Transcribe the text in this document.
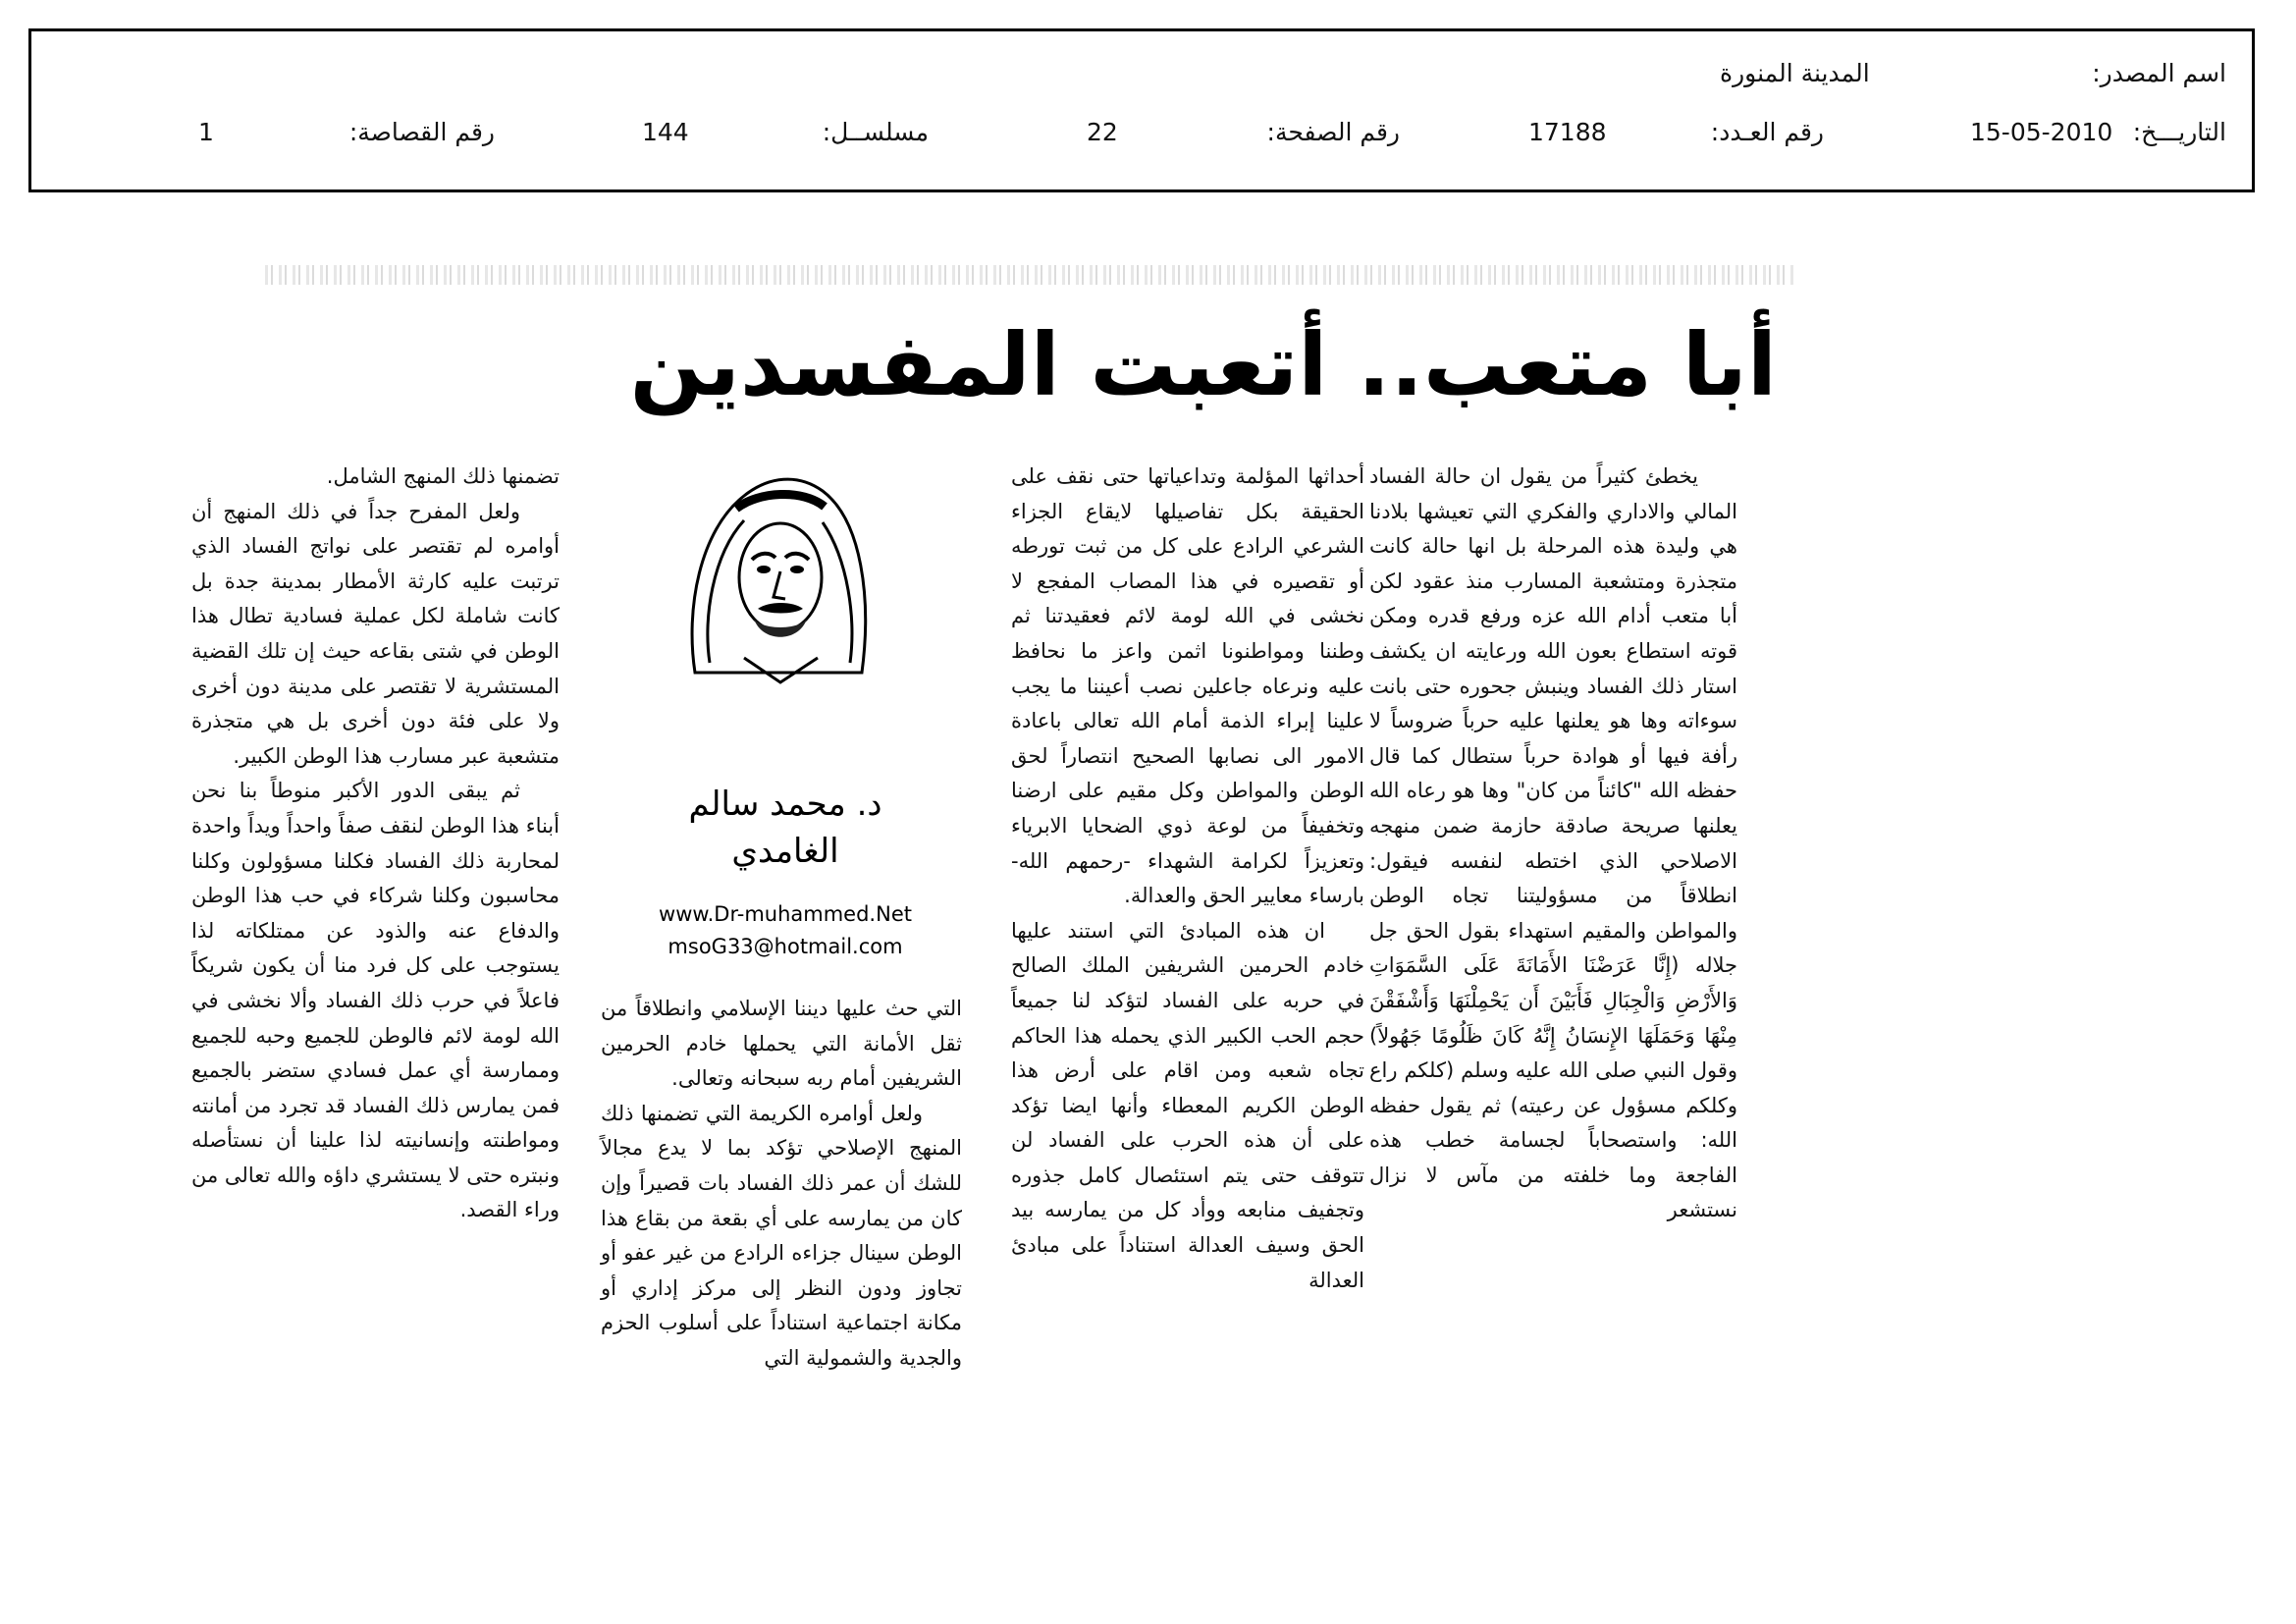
اسم المصدر:
المدينة المنورة
التاريـــخ:
15-05-2010
رقم العـدد:
17188
رقم الصفحة:
22
مسلســل:
144
رقم القصاصة:
1
أبا متعب.. أتعبت المفسدين

يخطئ كثيراً من يقول ان حالة الفساد المالي والاداري والفكري التي تعيشها بلادنا هي وليدة هذه المرحلة بل انها حالة كانت متجذرة ومتشعبة المسارب منذ عقود لكن أبا متعب أدام الله عزه ورفع قدره ومكن قوته استطاع بعون الله ورعايته ان يكشف استار ذلك الفساد وينبش جحوره حتى بانت سوءاته وها هو يعلنها عليه حرباً ضروساً لا رأفة فيها أو هوادة حرباً ستطال كما قال حفظه الله "كائناً من كان" وها هو رعاه الله يعلنها صريحة صادقة حازمة ضمن منهجه الاصلاحي الذي اختطه لنفسه فيقول: انطلاقاً من مسؤوليتنا تجاه الوطن والمواطن والمقيم استهداء بقول الحق جل جلاله (إِنَّا عَرَضْنَا الأَمَانَةَ عَلَى السَّمَوَاتِ وَالأَرْضِ وَالْجِبَالِ فَأَبَيْنَ أَن يَحْمِلْنَهَا وَأَشْفَقْنَ مِنْهَا وَحَمَلَهَا الإِنسَانُ إِنَّهُ كَانَ ظَلُومًا جَهُولاً) وقول النبي صلى الله عليه وسلم (كلكم راع وكلكم مسؤول عن رعيته) ثم يقول حفظه الله: واستصحاباً لجسامة خطب هذه الفاجعة وما خلفته من مآس لا نزال نستشعر

أحداثها المؤلمة وتداعياتها حتى نقف على الحقيقة بكل تفاصيلها لايقاع الجزاء الشرعي الرادع على كل من ثبت تورطه أو تقصيره في هذا المصاب المفجع لا نخشى في الله لومة لائم فعقيدتنا ثم وطننا ومواطنونا اثمن واعز ما نحافظ عليه ونرعاه جاعلين نصب أعيننا ما يجب علينا إبراء الذمة أمام الله تعالى باعادة الامور الى نصابها الصحيح انتصاراً لحق الوطن والمواطن وكل مقيم على ارضنا وتخفيفاً من لوعة ذوي الضحايا الابرياء وتعزيزاً لكرامة الشهداء -رحمهم الله- بارساء معايير الحق والعدالة.

ان هذه المبادئ التي استند عليها خادم الحرمين الشريفين الملك الصالح في حربه على الفساد لتؤكد لنا جميعاً حجم الحب الكبير الذي يحمله هذا الحاكم تجاه شعبه ومن اقام على أرض هذا الوطن الكريم المعطاء وأنها ايضا تؤكد على أن هذه الحرب على الفساد لن تتوقف حتى يتم استئصال كامل جذوره وتجفيف منابعه ووأد كل من يمارسه بيد الحق وسيف العدالة استناداً على مبادئ العدالة

د. محمد سالم
الغامدي
www.Dr-muhammed.Net
msoG33@hotmail.com

التي حث عليها ديننا الإسلامي وانطلاقاً من ثقل الأمانة التي يحملها خادم الحرمين الشريفين أمام ربه سبحانه وتعالى.

ولعل أوامره الكريمة التي تضمنها ذلك المنهج الإصلاحي تؤكد بما لا يدع مجالاً للشك أن عمر ذلك الفساد بات قصيراً وإن كان من يمارسه على أي بقعة من بقاع هذا الوطن سينال جزاءه الرادع من غير عفو أو تجاوز ودون النظر إلى مركز إداري أو مكانة اجتماعية استناداً على أسلوب الحزم والجدية والشمولية التي

تضمنها ذلك المنهج الشامل.

ولعل المفرح جداً في ذلك المنهج أن أوامره لم تقتصر على نواتج الفساد الذي ترتبت عليه كارثة الأمطار بمدينة جدة بل كانت شاملة لكل عملية فسادية تطال هذا الوطن في شتى بقاعه حيث إن تلك القضية المستشرية لا تقتصر على مدينة دون أخرى ولا على فئة دون أخرى بل هي متجذرة متشعبة عبر مسارب هذا الوطن الكبير.

ثم يبقى الدور الأكبر منوطاً بنا نحن أبناء هذا الوطن لنقف صفاً واحداً ويداً واحدة لمحاربة ذلك الفساد فكلنا مسؤولون وكلنا محاسبون وكلنا شركاء في حب هذا الوطن والدفاع عنه والذود عن ممتلكاته لذا يستوجب على كل فرد منا أن يكون شريكاً فاعلاً في حرب ذلك الفساد وألا نخشى في الله لومة لائم فالوطن للجميع وحبه للجميع وممارسة أي عمل فسادي ستضر بالجميع فمن يمارس ذلك الفساد قد تجرد من أمانته ومواطنته وإنسانيته لذا علينا أن نستأصله ونبتره حتى لا يستشري داؤه والله تعالى من وراء القصد.
